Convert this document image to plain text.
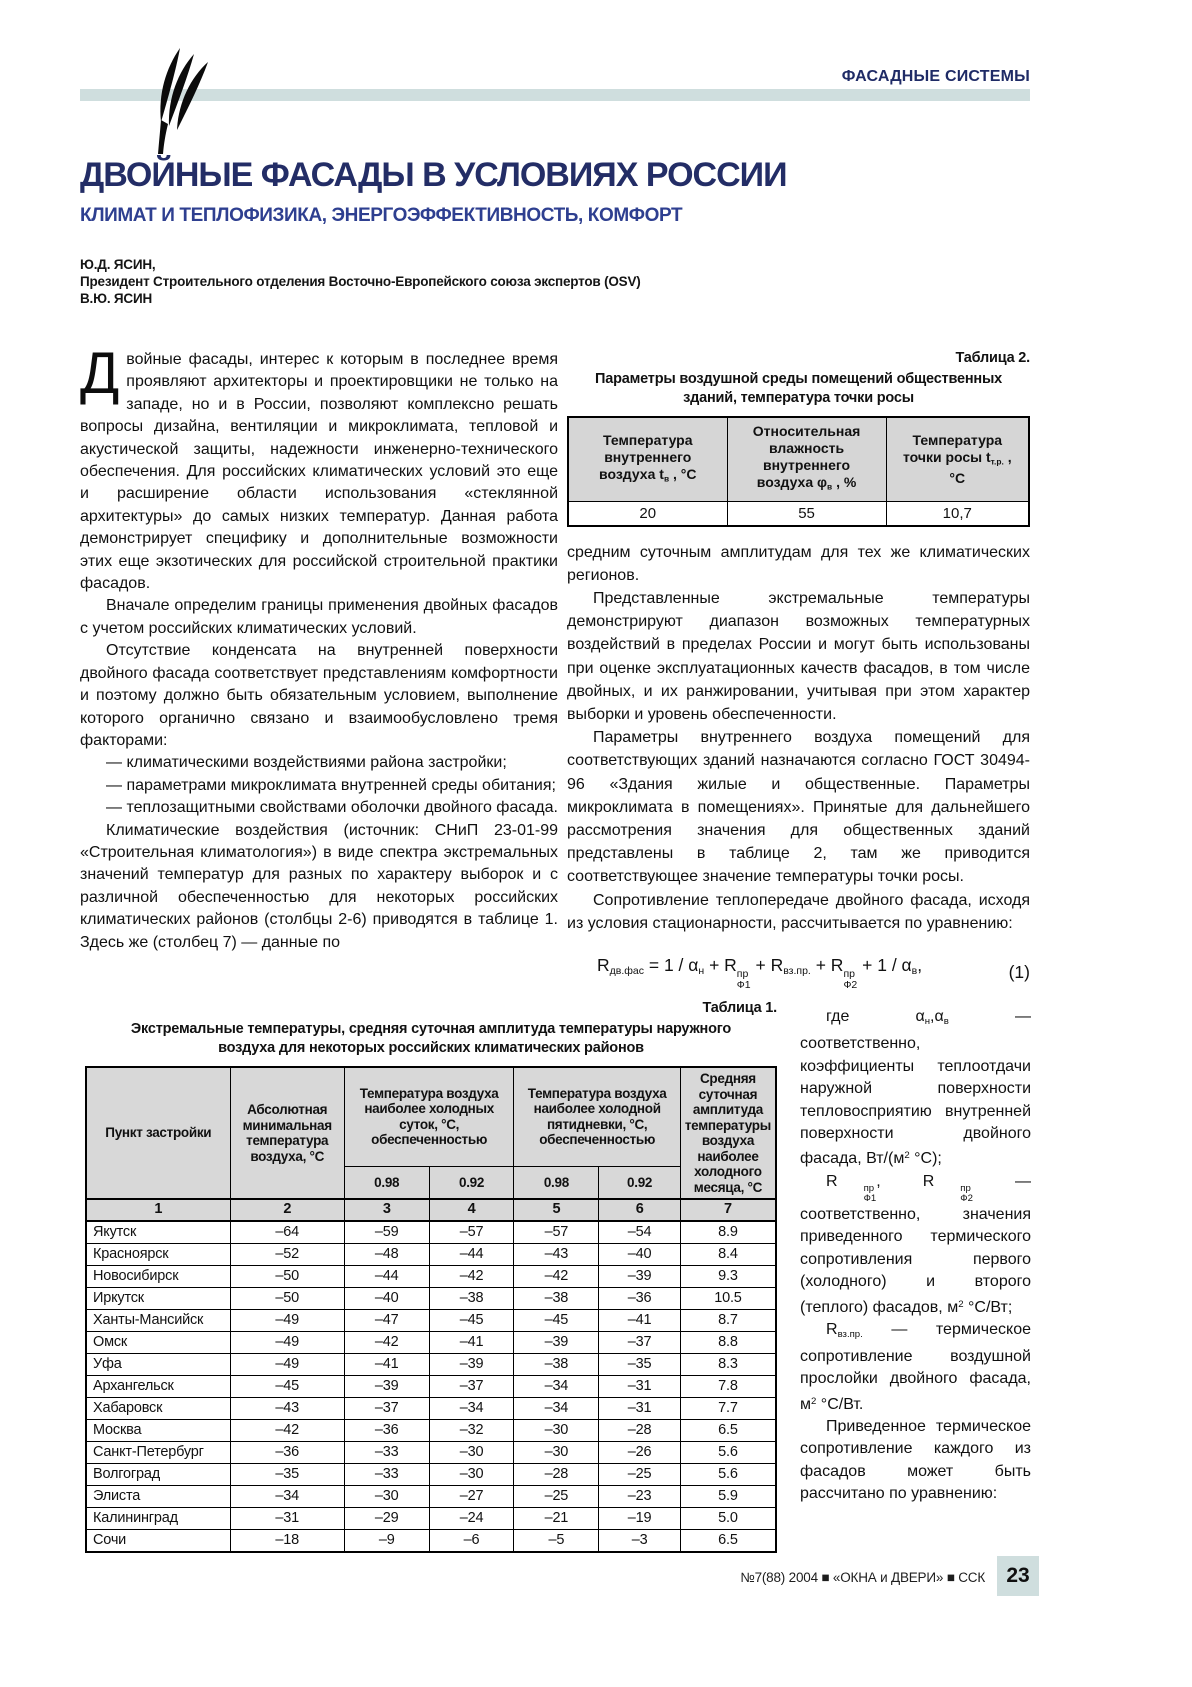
ФАСАДНЫЕ СИСТЕМЫ
ДВОЙНЫЕ ФАСАДЫ В УСЛОВИЯХ РОССИИ
КЛИМАТ И ТЕПЛОФИЗИКА, ЭНЕРГОЭФФЕКТИВНОСТЬ, КОМФОРТ
Ю.Д. ЯСИН,
Президент Строительного отделения Восточно-Европейского союза экспертов (OSV)
В.Ю. ЯСИН

Двойные фасады, интерес к которым в последнее время проявляют архитекторы и проектировщики не только на западе, но и в России, позволяют комплексно решать вопросы дизайна, вентиляции и микроклимата, тепловой и акустической защиты, надежности инженерно-технического обеспечения. Для российских климатических условий это еще и расширение области использования «стеклянной архитектуры» до самых низких температур. Данная работа демонстрирует специфику и дополнительные возможности этих еще экзотических для российской строительной практики фасадов.

Вначале определим границы применения двойных фасадов с учетом российских климатических условий.

Отсутствие конденсата на внутренней поверхности двойного фасада соответствует представлениям комфортности и поэтому должно быть обязательным условием, выполнение которого органично связано и взаимообусловлено тремя факторами:

— климатическими воздействиями района застройки;

— параметрами микроклимата внутренней среды обитания;

— теплозащитными свойствами оболочки двойного фасада.

Климатические воздействия (источник: СНиП 23-01-99 «Строительная климатология») в виде спектра экстремальных значений температур для разных по характеру выборок и с различной обеспеченностью для некоторых российских климатических районов (столбцы 2-6) приводятся в таблице 1. Здесь же (столбец 7) — данные по

Таблица 2.
Параметры воздушной среды помещений общественных зданий, температура точки росы
Температура внутреннего воздуха $t_в$ , °С	Относительная влажность внутреннего воздуха $\varphi_в$ , %	Температура точки росы $t_{т.р.}$ , °С
20	55	10,7

средним суточным амплитудам для тех же климатических регионов.

Представленные экстремальные температуры демонстрируют диапазон возможных температурных воздействий в пределах России и могут быть использованы при оценке эксплуатационных качеств фасадов, в том числе двойных, и их ранжировании, учитывая при этом характер выборки и уровень обеспеченности.

Параметры внутреннего воздуха помещений для соответствующих зданий назначаются согласно ГОСТ 30494-96 «Здания жилые и общественные. Параметры микроклимата в помещениях». Принятые для дальнейшего рассмотрения значения для общественных зданий представлены в таблице 2, там же приводится соответствующее значение температуры точки росы.

Сопротивление теплопередаче двойного фасада, исходя из условия стационарности, рассчитывается по уравнению:

$R_{дв.фас} = 1 / \alpha_н + R$ пр
Ф1
+ $R_{вз.пр.} + R$ пр
Ф2
+ $1 / \alpha_в$,	(1)
Таблица 1.
Экстремальные температуры, средняя суточная амплитуда температуры наружного воздуха для некоторых российских климатических районов
Пункт застройки	Абсолютная минимальная температура воздуха, °С	Температура воздуха наиболее холодных суток, °С, обеспеченностью		Температура воздуха наиболее холодной пятидневки, °С, обеспеченностью		Средняя суточная амплитуда температуры воздуха наиболее холодного месяца, °С
		0.98	0.92	0.98	0.92	
1	2	3	4	5	6	7
Якутск	–64	–59	–57	–57	–54	8.9
Красноярск	–52	–48	–44	–43	–40	8.4
Новосибирск	–50	–44	–42	–42	–39	9.3
Иркутск	–50	–40	–38	–38	–36	10.5
Ханты-Мансийск	–49	–47	–45	–45	–41	8.7
Омск	–49	–42	–41	–39	–37	8.8
Уфа	–49	–41	–39	–38	–35	8.3
Архангельск	–45	–39	–37	–34	–31	7.8
Хабаровск	–43	–37	–34	–34	–31	7.7
Москва	–42	–36	–32	–30	–28	6.5
Санкт-Петербург	–36	–33	–30	–30	–26	5.6
Волгоград	–35	–33	–30	–28	–25	5.6
Элиста	–34	–30	–27	–25	–23	5.9
Калининград	–31	–29	–24	–21	–19	5.0
Сочи	–18	–9	–6	–5	–3	6.5

где $\alpha_н,\alpha_в$ — соответственно, коэффициенты теплоотдачи наружной поверхности тепловосприятию внутренней поверхности двойного фасада, $Вт/(м^2$ °С);

R	пр
Ф1
, R	пр
Ф2
— соответственно, значения приведенного термического сопротивления первого (холодного) и второго (теплого) фасадов, $м^2$ °С/Вт;

$R_{вз.пр.}$ — термическое сопротивление воздушной прослойки двойного фасада, $м^2$ °С/Вт.

Приведенное термическое сопротивление каждого из фасадов может быть рассчитано по уравнению:

№7(88) 2004 ■ «ОКНА и ДВЕРИ» ■ ССК 23
